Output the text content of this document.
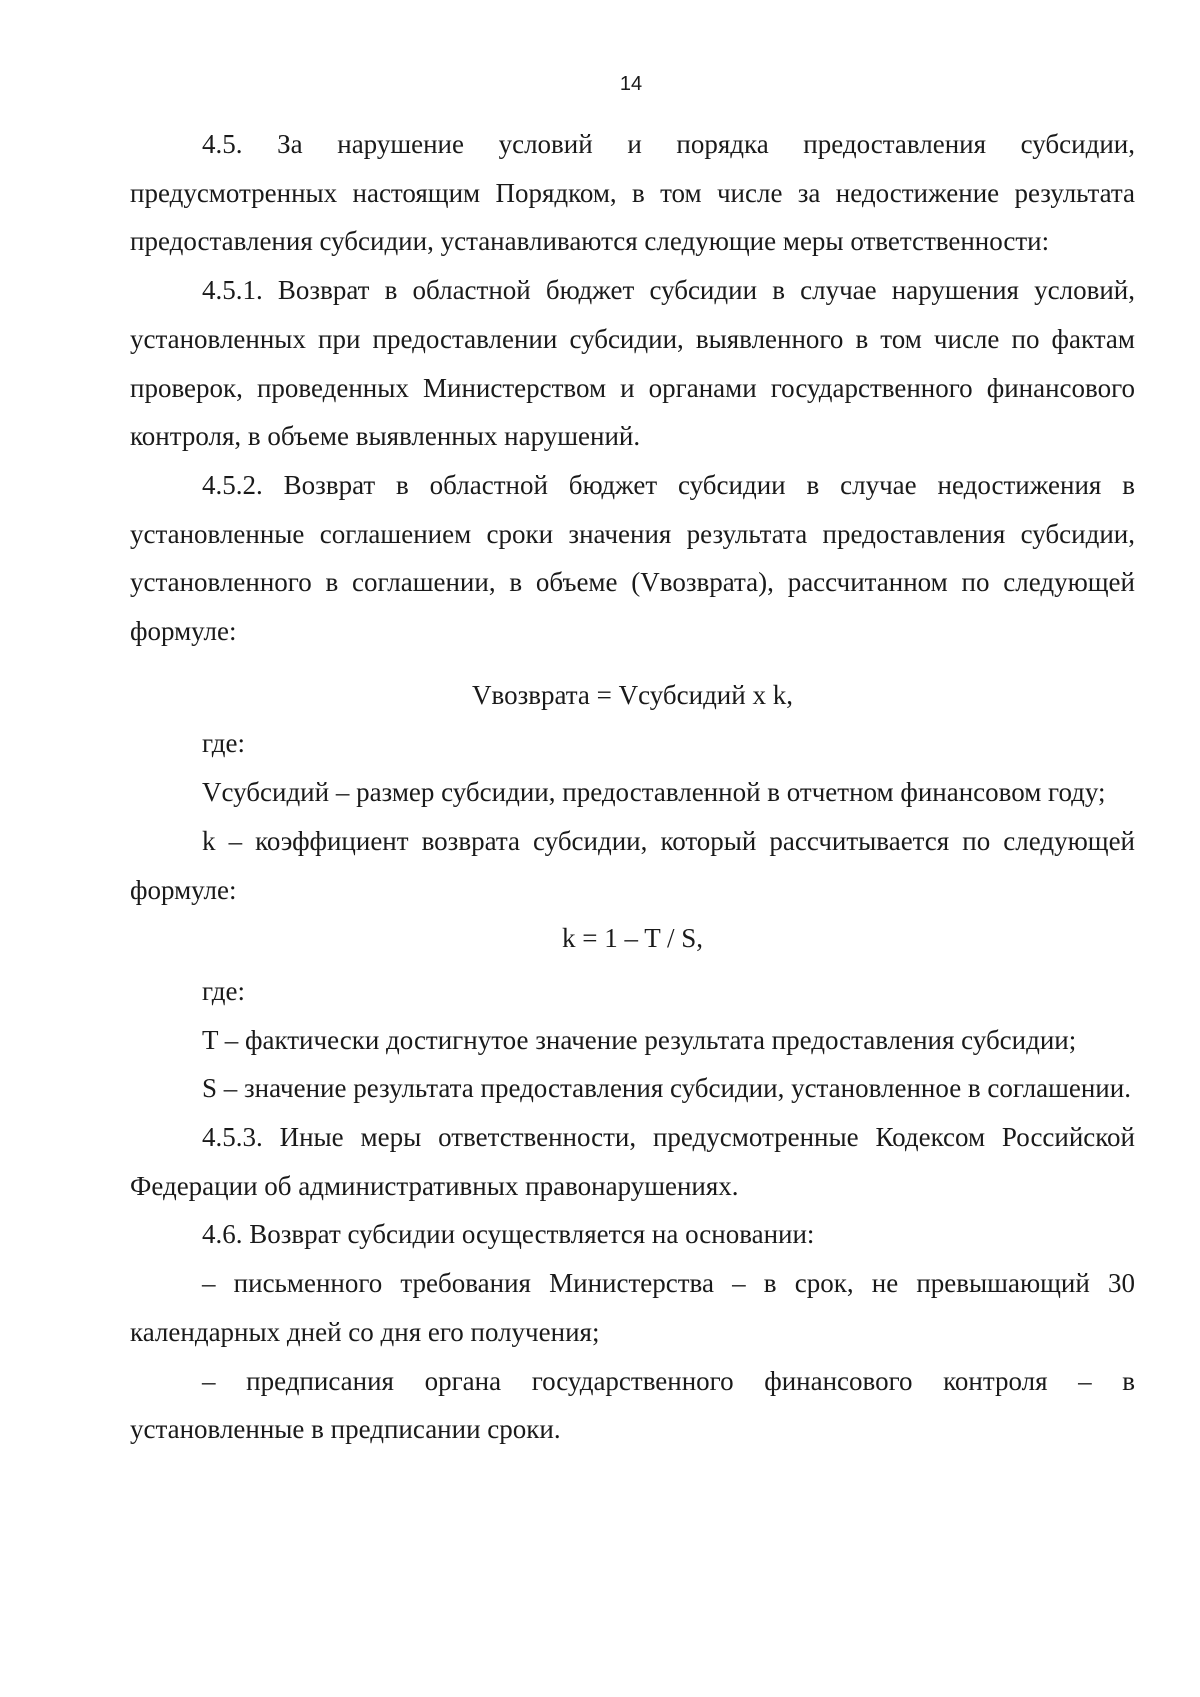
14

4.5. За нарушение условий и порядка предоставления субсидии, предусмотренных настоящим Порядком, в том числе за недостижение результата предоставления субсидии, устанавливаются следующие меры ответственности:

4.5.1. Возврат в областной бюджет субсидии в случае нарушения условий, установленных при предоставлении субсидии, выявленного в том числе по фактам проверок, проведенных Министерством и органами государственного финансового контроля, в объеме выявленных нарушений.

4.5.2. Возврат в областной бюджет субсидии в случае недостижения в установленные соглашением сроки значения результата предоставления субсидии, установленного в соглашении, в объеме (Vвозврата), рассчитанном по следующей формуле:

Vвозврата = Vсубсидий x k,

где:

Vсубсидий – размер субсидии, предоставленной в отчетном финансовом году;

k – коэффициент возврата субсидии, который рассчитывается по следующей формуле:

k = 1 – T / S,

где:

T – фактически достигнутое значение результата предоставления субсидии;

S – значение результата предоставления субсидии, установленное в соглашении.

4.5.3. Иные меры ответственности, предусмотренные Кодексом Российской Федерации об административных правонарушениях.

4.6. Возврат субсидии осуществляется на основании:

– письменного требования Министерства – в срок, не превышающий 30 календарных дней со дня его получения;

– предписания органа государственного финансового контроля – в установленные в предписании сроки.
